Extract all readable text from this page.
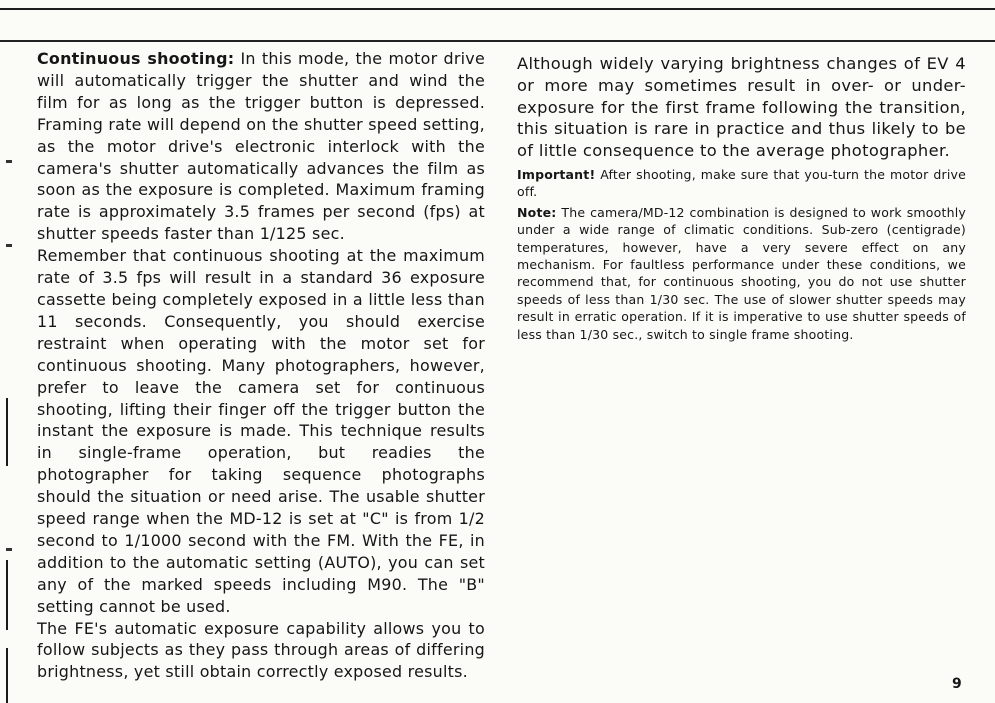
Continuous shooting: In this mode, the motor drive will automatically trigger the shutter and wind the film for as long as the trigger button is depressed. Framing rate will depend on the shutter speed setting, as the motor drive's electronic interlock with the camera's shutter automatically advances the film as soon as the exposure is completed. Maximum framing rate is approximately 3.5 frames per second (fps) at shutter speeds faster than 1/125 sec.

Remember that continuous shooting at the maximum rate of 3.5 fps will result in a standard 36 exposure cassette being completely exposed in a little less than 11 seconds. Consequently, you should exercise restraint when operating with the motor set for continuous shooting. Many photographers, however, prefer to leave the camera set for continuous shooting, lifting their finger off the trigger button the instant the exposure is made. This technique results in single-frame operation, but readies the photographer for taking sequence photographs should the situation or need arise. The usable shutter speed range when the MD-12 is set at "C" is from 1/2 second to 1/1000 second with the FM. With the FE, in addition to the automatic setting (AUTO), you can set any of the marked speeds including M90. The "B" setting cannot be used.

The FE's automatic exposure capability allows you to follow subjects as they pass through areas of differing brightness, yet still obtain correctly exposed results.

Although widely varying brightness changes of EV 4 or more may sometimes result in over- or under-exposure for the first frame following the transition, this situation is rare in practice and thus likely to be of little consequence to the average photographer.

Important! After shooting, make sure that you-turn the motor drive off.

Note: The camera/MD-12 combination is designed to work smoothly under a wide range of climatic conditions. Sub-zero (centigrade) temperatures, however, have a very severe effect on any mechanism. For faultless performance under these conditions, we recommend that, for continuous shooting, you do not use shutter speeds of less than 1/30 sec. The use of slower shutter speeds may result in erratic operation. If it is imperative to use shutter speeds of less than 1/30 sec., switch to single frame shooting.

9
